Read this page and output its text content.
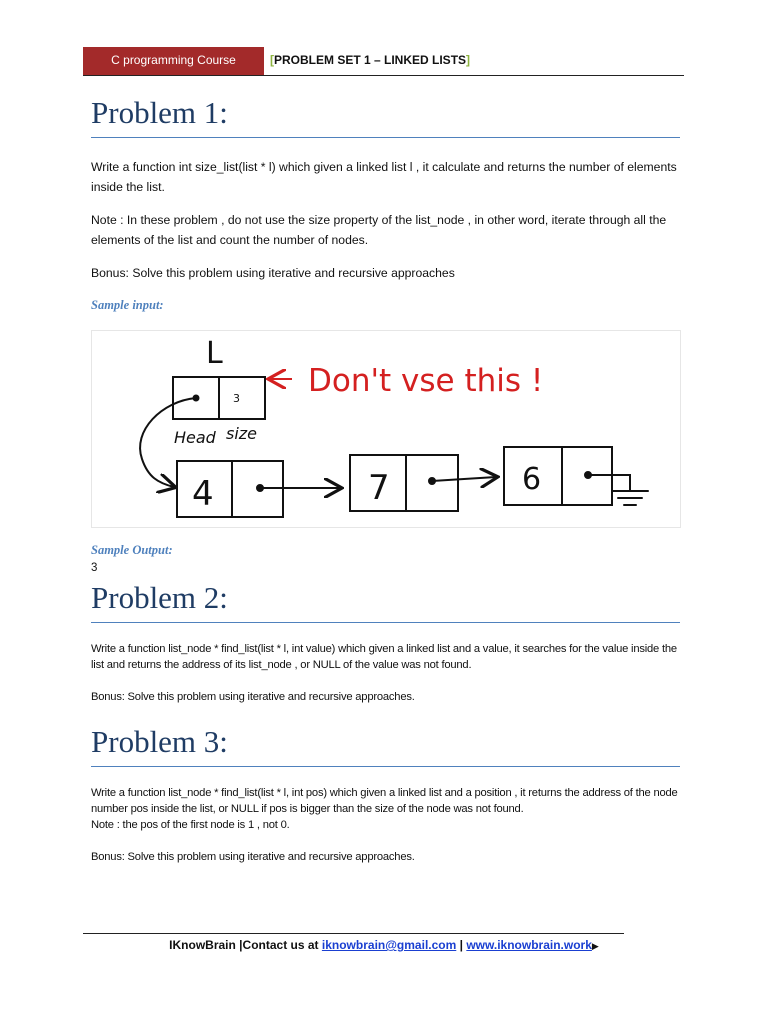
C programming Course	[PROBLEM SET 1 – LINKED LISTS]
Problem 1:
Write a function int size_list(list * l) which given a linked list l , it calculate and returns the number of elements inside the list.
Note : In these problem , do not use the size property of the list_node , in other word, iterate through all the elements of the list and count the number of nodes.
Bonus: Solve this problem using iterative and recursive approaches
Sample input:
L
3
Head size
4	7	6
Don't vse this !
Sample Output:
3
Problem 2:
Write a function list_node * find_list(list * l, int value) which given a linked list and a value, it searches for the value inside the list and returns the address of its list_node , or NULL of the value was not found.
Bonus: Solve this problem using iterative and recursive approaches.
Problem 3:
Write a function list_node * find_list(list * l, int pos) which given a linked list and a position , it returns the address of the node number pos inside the list, or NULL if pos is bigger than the size of the node was not found.
Note : the pos of the first node is 1 , not 0.
Bonus: Solve this problem using iterative and recursive approaches.
IKnowBrain |Contact us at iknowbrain@gmail.com | www.iknowbrain.work▶
